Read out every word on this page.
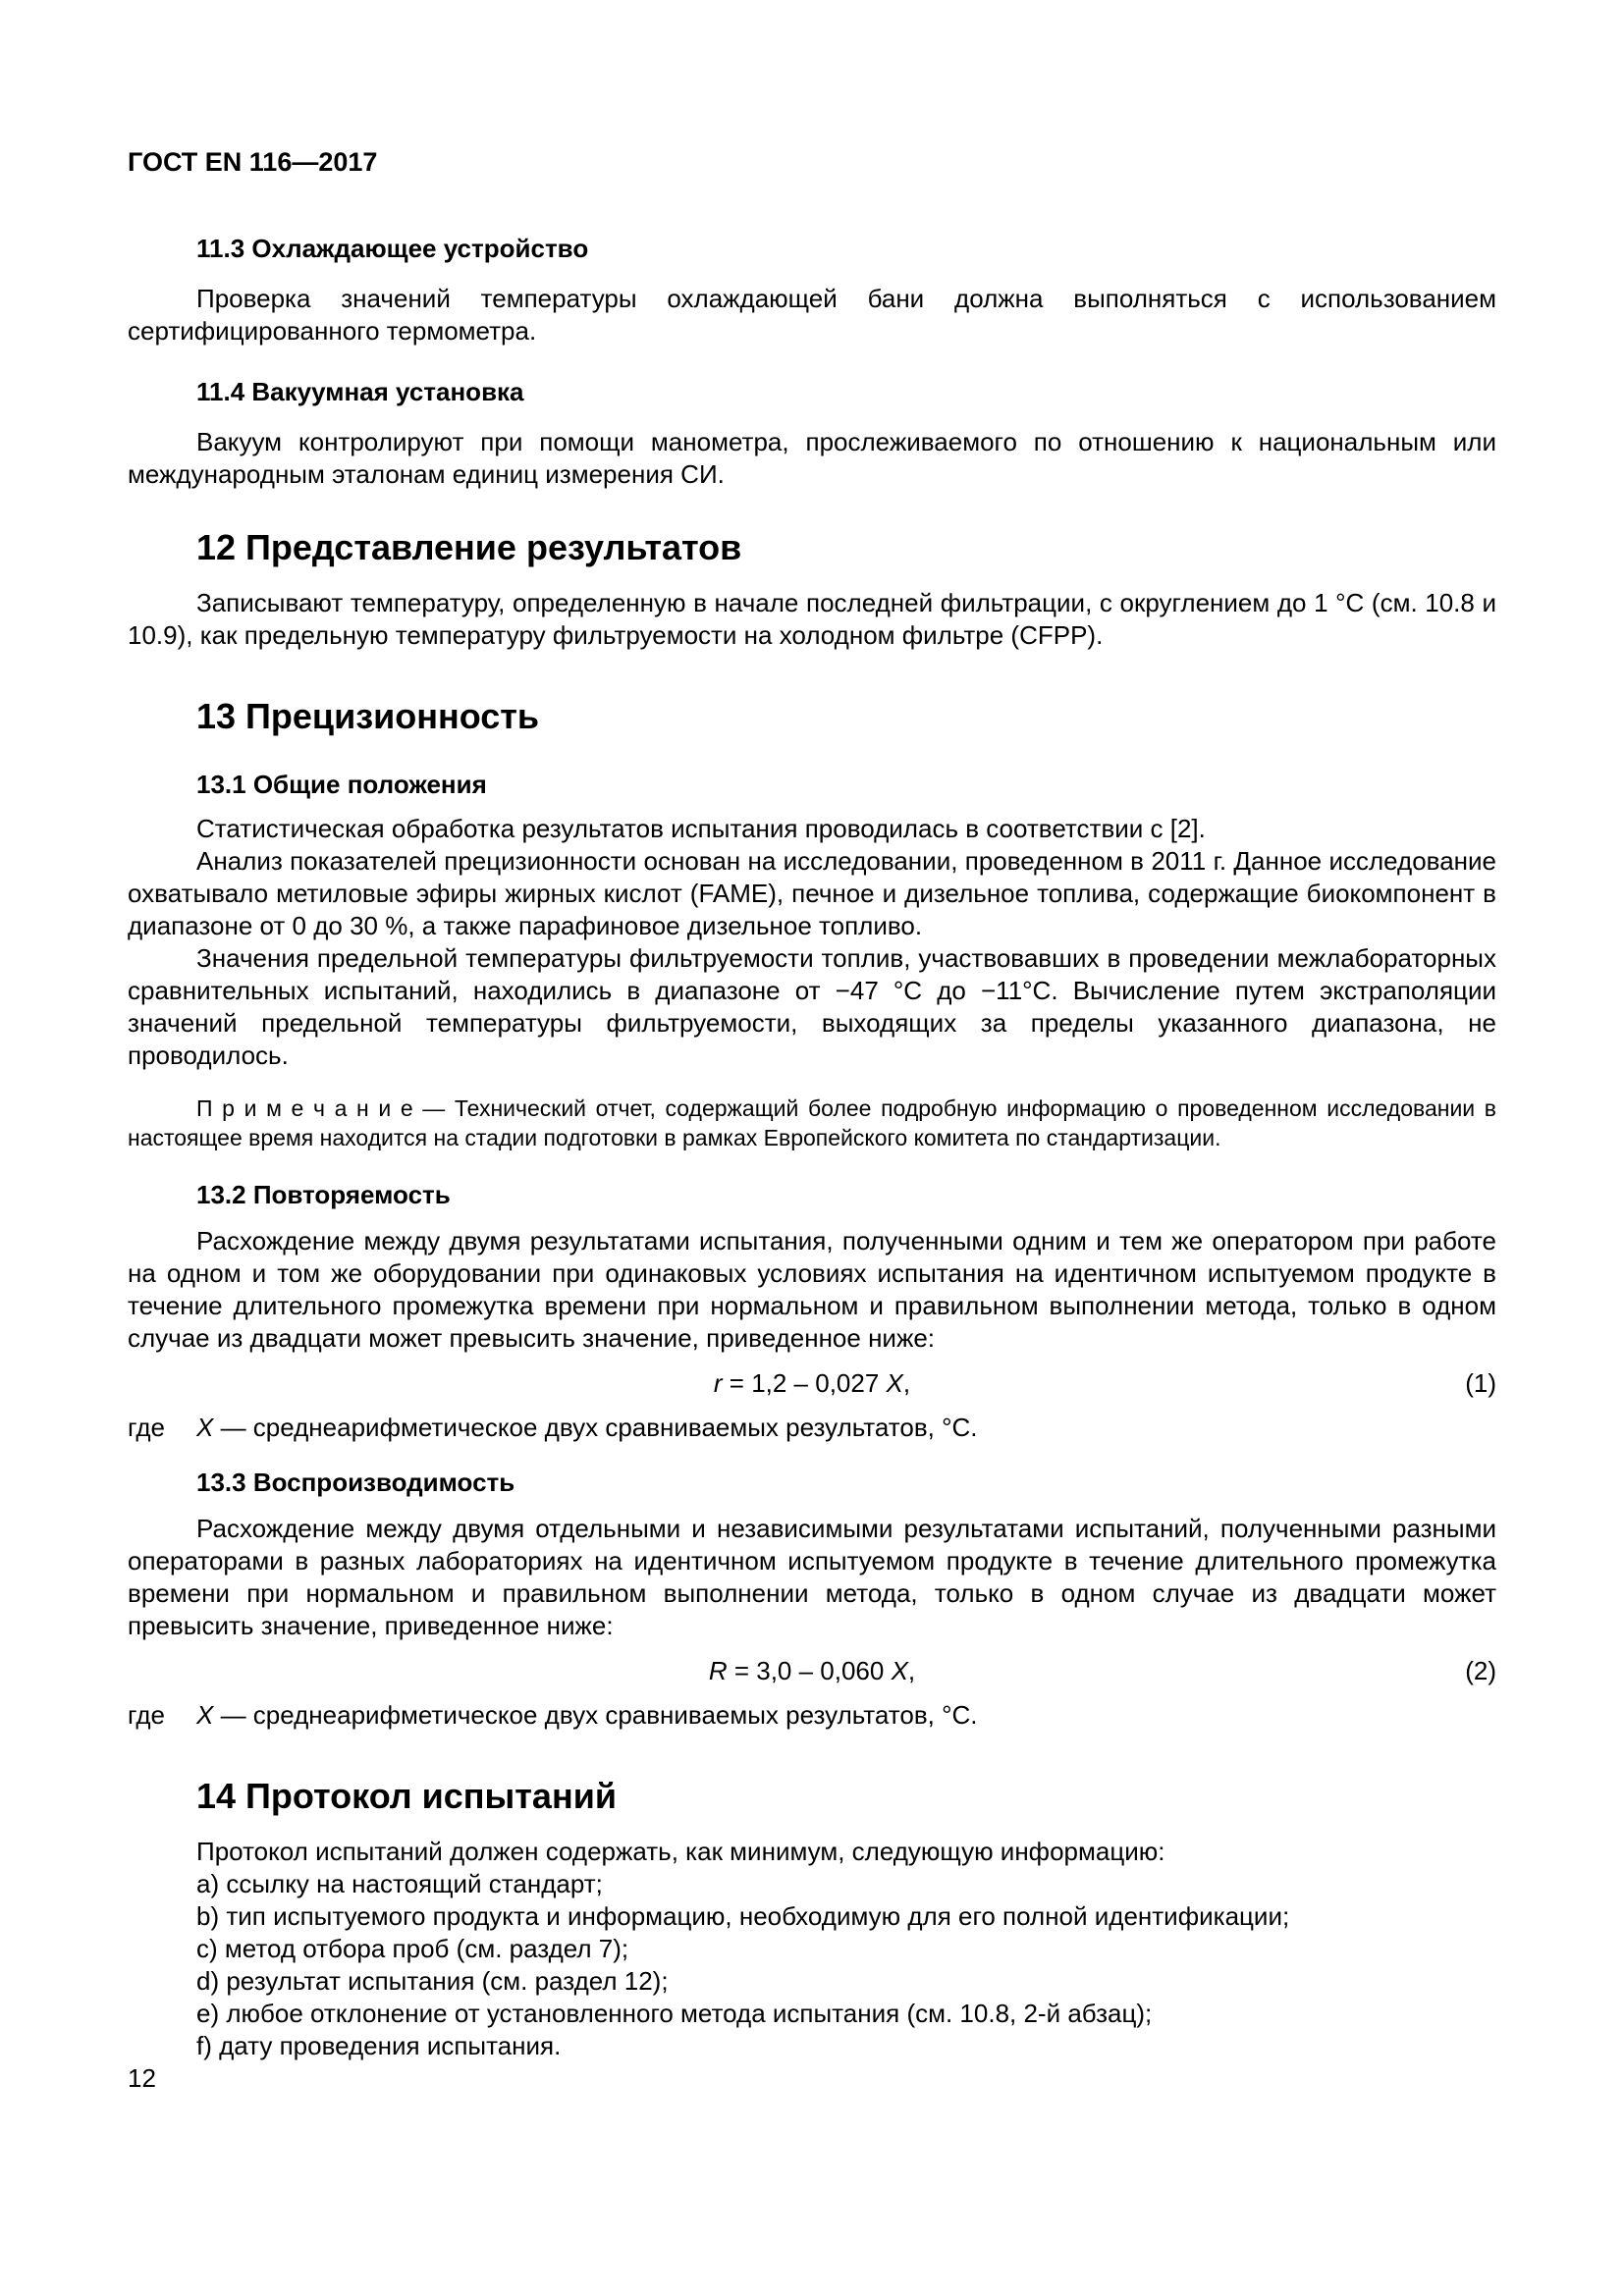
ГОСТ EN 116—2017
11.3 Охлаждающее устройство

Проверка значений температуры охлаждающей бани должна выполняться с использованием сертифицированного термометра.

11.4 Вакуумная установка

Вакуум контролируют при помощи манометра, прослеживаемого по отношению к национальным или международным эталонам единиц измерения СИ.

12 Представление результатов

Записывают температуру, определенную в начале последней фильтрации, с округлением до 1 °С (см. 10.8 и 10.9), как предельную температуру фильтруемости на холодном фильтре (CFPP).

13 Прецизионность
13.1 Общие положения

Статистическая обработка результатов испытания проводилась в соответствии с [2].

Анализ показателей прецизионности основан на исследовании, проведенном в 2011 г. Данное исследование охватывало метиловые эфиры жирных кислот (FAME), печное и дизельное топлива, содержащие биокомпонент в диапазоне от 0 до 30 %, а также парафиновое дизельное топливо.

Значения предельной температуры фильтруемости топлив, участвовавших в проведении межлабораторных сравнительных испытаний, находились в диапазоне от −47 °С до −11°С. Вычисление путем экстраполяции значений предельной температуры фильтруемости, выходящих за пределы указанного диапазона, не проводилось.

П р и м е ч а н и е — Технический отчет, содержащий более подробную информацию о проведенном исследовании в настоящее время находится на стадии подготовки в рамках Европейского комитета по стандартизации.

13.2 Повторяемость

Расхождение между двумя результатами испытания, полученными одним и тем же оператором при работе на одном и том же оборудовании при одинаковых условиях испытания на идентичном испытуемом продукте в течение длительного промежутка времени при нормальном и правильном выполнении метода, только в одном случае из двадцати может превысить значение, приведенное ниже:

r = 1,2 – 0,027 X,	(1)
где X — среднеарифметическое двух сравниваемых результатов, °С.
13.3 Воспроизводимость

Расхождение между двумя отдельными и независимыми результатами испытаний, полученными разными операторами в разных лабораториях на идентичном испытуемом продукте в течение длительного промежутка времени при нормальном и правильном выполнении метода, только в одном случае из двадцати может превысить значение, приведенное ниже:

R = 3,0 – 0,060 X,	(2)
где X — среднеарифметическое двух сравниваемых результатов, °С.
14 Протокол испытаний

Протокол испытаний должен содержать, как минимум, следующую информацию:

a) ссылку на настоящий стандарт;
b) тип испытуемого продукта и информацию, необходимую для его полной идентификации;
c) метод отбора проб (см. раздел 7);
d) результат испытания (см. раздел 12);
e) любое отклонение от установленного метода испытания (см. 10.8, 2-й абзац);
f) дату проведения испытания.
12
